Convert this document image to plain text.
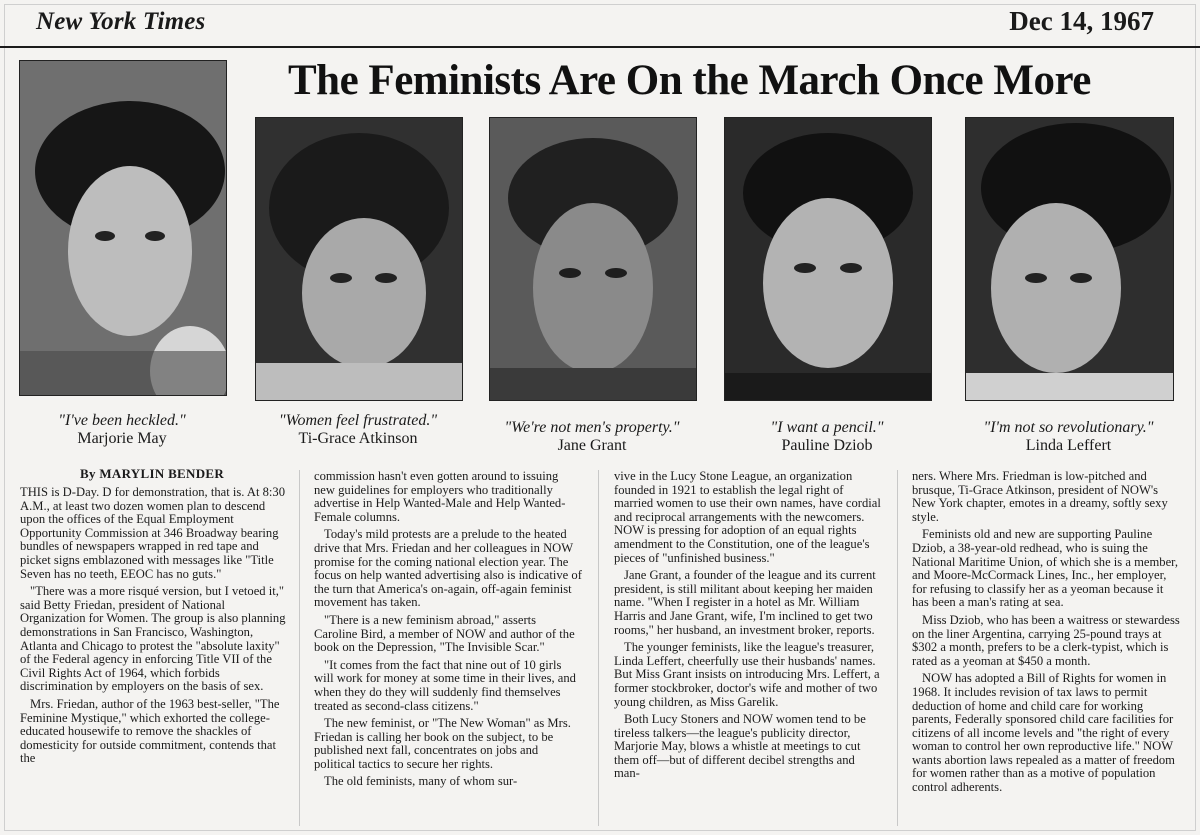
New York Times	Dec 14, 1967
The Feminists Are On the March Once More
"I've been heckled."
Marjorie May
"Women feel frustrated."
Ti-Grace Atkinson
"We're not men's property."
Jane Grant
"I want a pencil."
Pauline Dziob
"I'm not so revolutionary."
Linda Leffert
By MARYLIN BENDER

THIS is D-Day. D for demonstration, that is. At 8:30 A.M., at least two dozen women plan to descend upon the offices of the Equal Employment Opportunity Commission at 346 Broadway bearing bundles of newspapers wrapped in red tape and picket signs emblazoned with messages like "Title Seven has no teeth, EEOC has no guts."

"There was a more risqué version, but I vetoed it," said Betty Friedan, president of National Organization for Women. The group is also planning demonstrations in San Francisco, Washington, Atlanta and Chicago to protest the "absolute laxity" of the Federal agency in enforcing Title VII of the Civil Rights Act of 1964, which forbids discrimination by employers on the basis of sex.

Mrs. Friedan, author of the 1963 best-seller, "The Feminine Mystique," which exhorted the college-educated housewife to remove the shackles of domesticity for outside commitment, contends that the

commission hasn't even gotten around to issuing new guidelines for employers who traditionally advertise in Help Wanted-Male and Help Wanted-Female columns.

Today's mild protests are a prelude to the heated drive that Mrs. Friedan and her colleagues in NOW promise for the coming national election year. The focus on help wanted advertising also is indicative of the turn that America's on-again, off-again feminist movement has taken.

"There is a new feminism abroad," asserts Caroline Bird, a member of NOW and author of the book on the Depression, "The Invisible Scar."

"It comes from the fact that nine out of 10 girls will work for money at some time in their lives, and when they do they will suddenly find themselves treated as second-class citizens."

The new feminist, or "The New Woman" as Mrs. Friedan is calling her book on the subject, to be published next fall, concentrates on jobs and political tactics to secure her rights.

The old feminists, many of whom sur-

vive in the Lucy Stone League, an organization founded in 1921 to establish the legal right of married women to use their own names, have cordial and reciprocal arrangements with the newcomers. NOW is pressing for adoption of an equal rights amendment to the Constitution, one of the league's pieces of "unfinished business."

Jane Grant, a founder of the league and its current president, is still militant about keeping her maiden name. "When I register in a hotel as Mr. William Harris and Jane Grant, wife, I'm inclined to get two rooms," her husband, an investment broker, reports.

The younger feminists, like the league's treasurer, Linda Leffert, cheerfully use their husbands' names. But Miss Grant insists on introducing Mrs. Leffert, a former stockbroker, doctor's wife and mother of two young children, as Miss Garelik.

Both Lucy Stoners and NOW women tend to be tireless talkers—the league's publicity director, Marjorie May, blows a whistle at meetings to cut them off—but of different decibel strengths and man-

ners. Where Mrs. Friedman is low-pitched and brusque, Ti-Grace Atkinson, president of NOW's New York chapter, emotes in a dreamy, softly sexy style.

Feminists old and new are supporting Pauline Dziob, a 38-year-old redhead, who is suing the National Maritime Union, of which she is a member, and Moore-McCormack Lines, Inc., her employer, for refusing to classify her as a yeoman because it has been a man's rating at sea.

Miss Dziob, who has been a waitress or stewardess on the liner Argentina, carrying 25-pound trays at $302 a month, prefers to be a clerk-typist, which is rated as a yeoman at $450 a month.

NOW has adopted a Bill of Rights for women in 1968. It includes revision of tax laws to permit deduction of home and child care for working parents, Federally sponsored child care facilities for citizens of all income levels and "the right of every woman to control her own reproductive life." NOW wants abortion laws repealed as a matter of freedom for women rather than as a motive of population control adherents.
